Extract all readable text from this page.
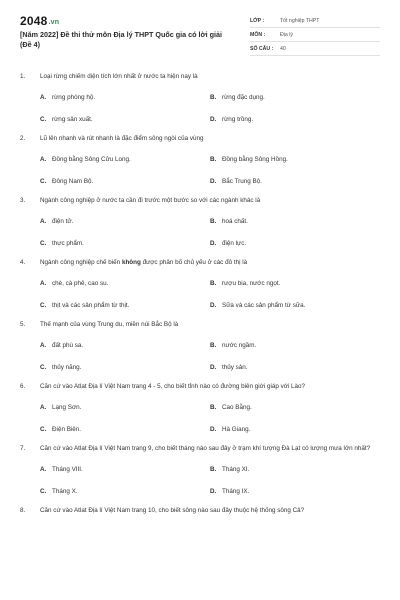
2048.vn
[Năm 2022] Đề thi thử môn Địa lý THPT Quốc gia có lời giải (Đề 4)
LỚP :	Tốt nghiệp THPT
MÔN :	Địa lý
SỐ CÂU :	40
1.	Loại rừng chiếm diện tích lớn nhất ở nước ta hiện nay là
A. rừng phòng hộ.	B. rừng đặc dụng.
C. rừng sản xuất.	D. rừng trồng.
2.	Lũ lên nhanh và rút nhanh là đặc điểm sông ngòi của vùng
A. Đồng bằng Sông Cửu Long.	B. Đồng bằng Sông Hồng.
C. Đông Nam Bộ.	D. Bắc Trung Bộ.
3.	Ngành công nghiệp ở nước ta cần đi trước một bước so với các ngành khác là
A. điện tử.	B. hoá chất.
C. thực phẩm.	D. điện lực.
4.	Ngành công nghiệp chế biến không được phân bố chủ yếu ở các đô thị là
A. chè, cà phê, cao su.	B. rượu bia, nước ngọt.
C. thịt và các sản phẩm từ thịt.	D. Sữa và các sản phẩm từ sữa.
5.	Thế mạnh của vùng Trung du, miền núi Bắc Bộ là
A. đất phù sa.	B. nước ngầm.
C. thủy năng.	D. thủy sản.
6.	Căn cứ vào Atlat Địa lí Việt Nam trang 4 - 5, cho biết tỉnh nào có đường biên giới giáp với Lào?
A. Lạng Sơn.	B. Cao Bằng.
C. Điện Biên.	D. Hà Giang.
7.	Căn cứ vào Atlat Địa lí Việt Nam trang 9, cho biết tháng nào sau đây ở trạm khí tượng Đà Lạt có lượng mưa lớn nhất?
A. Tháng VIII.	B. Tháng XI.
C. Tháng X.	D. Tháng IX.
8.	Căn cứ vào Atlat Địa lí Việt Nam trang 10, cho biết sông nào sau đây thuộc hệ thống sông Cả?
